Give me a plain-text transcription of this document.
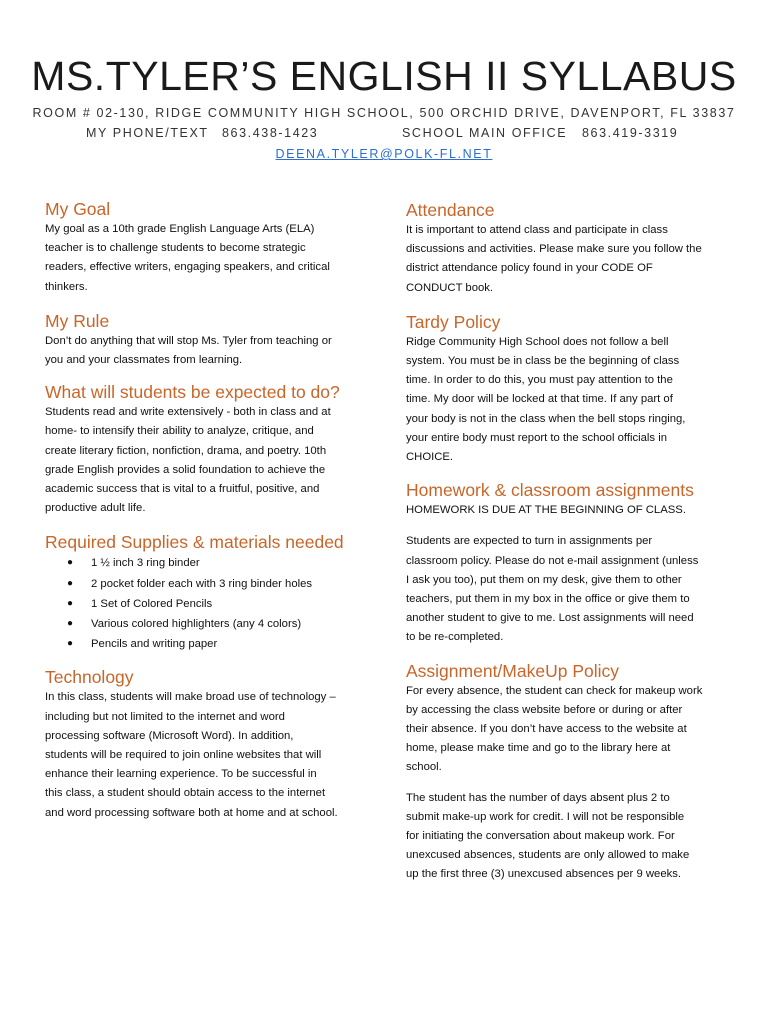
MS.TYLER’S ENGLISH II SYLLABUS
ROOM # 02-130, RIDGE COMMUNITY HIGH SCHOOL, 500 ORCHID DRIVE, DAVENPORT, FL 33837
MY PHONE/TEXT 863.438-1423	SCHOOL MAIN OFFICE 863.419-3319
DEENA.TYLER@POLK-FL.NET
My Goal

My goal as a 10th grade English Language Arts (ELA)
teacher is to challenge students to become strategic
readers, effective writers, engaging speakers, and critical
thinkers.

My Rule

Don’t do anything that will stop Ms. Tyler from teaching or
you and your classmates from learning.

What will students be expected to do?

Students read and write extensively - both in class and at
home- to intensify their ability to analyze, critique, and
create literary fiction, nonfiction, drama, and poetry. 10th
grade English provides a solid foundation to achieve the
academic success that is vital to a fruitful, positive, and
productive adult life.

Required Supplies & materials needed
● 1 ½ inch 3 ring binder
● 2 pocket folder each with 3 ring binder holes
● 1 Set of Colored Pencils
● Various colored highlighters (any 4 colors)
● Pencils and writing paper
Technology

In this class, students will make broad use of technology –
including but not limited to the internet and word
processing software (Microsoft Word). In addition,
students will be required to join online websites that will
enhance their learning experience. To be successful in
this class, a student should obtain access to the internet
and word processing software both at home and at school.

Attendance

It is important to attend class and participate in class
discussions and activities. Please make sure you follow the
district attendance policy found in your CODE OF
CONDUCT book.

Tardy Policy

Ridge Community High School does not follow a bell
system. You must be in class be the beginning of class
time. In order to do this, you must pay attention to the
time. My door will be locked at that time. If any part of
your body is not in the class when the bell stops ringing,
your entire body must report to the school officials in
CHOICE.

Homework & classroom assignments

HOMEWORK IS DUE AT THE BEGINNING OF CLASS.

Students are expected to turn in assignments per
classroom policy. Please do not e-mail assignment (unless
I ask you too), put them on my desk, give them to other
teachers, put them in my box in the office or give them to
another student to give to me. Lost assignments will need
to be re-completed.

Assignment/MakeUp Policy

For every absence, the student can check for makeup work
by accessing the class website before or during or after
their absence. If you don’t have access to the website at
home, please make time and go to the library here at
school.

The student has the number of days absent plus 2 to
submit make-up work for credit. I will not be responsible
for initiating the conversation about makeup work. For
unexcused absences, students are only allowed to make
up the first three (3) unexcused absences per 9 weeks.
